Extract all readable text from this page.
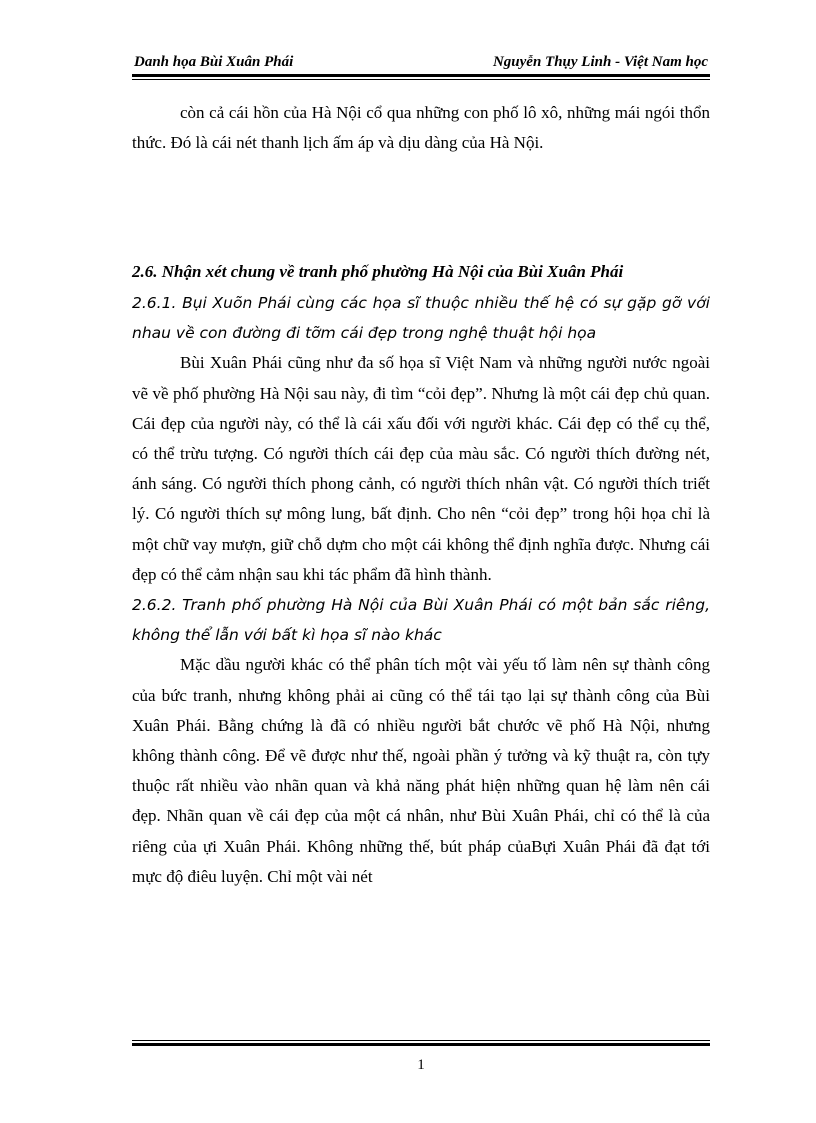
Danh họa Bùi Xuân Phái	Nguyễn Thụy Linh - Việt Nam học

còn cả cái hồn của Hà Nội cổ qua những con phố lô xô, những mái ngói thổn thức. Đó là cái nét thanh lịch ấm áp và dịu dàng của Hà Nội.

2.6. Nhận xét chung về tranh phố phường Hà Nội của Bùi Xuân Phái

2.6.1. Bụi Xuõn Phái cùng các họa sĩ thuộc nhiều thế hệ có sự gặp gỡ với nhau về con đường đi tỡm cái đẹp trong nghệ thuật hội họa

Bùi Xuân Phái cũng như đa số họa sĩ Việt Nam và những người nước ngoài vẽ về phố phường Hà Nội sau này, đi tìm “cỏi đẹp”. Nhưng là một cái đẹp chủ quan. Cái đẹp của người này, có thể là cái xấu đối với người khác. Cái đẹp có thể cụ thể, có thể trừu tượng. Có người thích cái đẹp của màu sắc. Có người thích đường nét, ánh sáng. Có người thích phong cảnh, có người thích nhân vật. Có người thích triết lý. Có người thích sự mông lung, bất định. Cho nên “cỏi đẹp” trong hội họa chỉ là một chữ vay mượn, giữ chỗ dựm cho một cái không thể định nghĩa được. Nhưng cái đẹp có thể cảm nhận sau khi tác phẩm đã hình thành.

2.6.2. Tranh phố phường Hà Nội của Bùi Xuân Phái có một bản sắc riêng, không thể lẫn với bất kì họa sĩ nào khác

Mặc dầu người khác có thể phân tích một vài yếu tố làm nên sự thành công của bức tranh, nhưng không phải ai cũng có thể tái tạo lại sự thành công của Bùi Xuân Phái. Bằng chứng là đã có nhiều người bắt chước vẽ phố Hà Nội, nhưng không thành công. Để vẽ được như thế, ngoài phần ý tưởng và kỹ thuật ra, còn tựy thuộc rất nhiều vào nhãn quan và khả năng phát hiện những quan hệ làm nên cái đẹp. Nhãn quan về cái đẹp của một cá nhân, như Bùi Xuân Phái, chỉ có thể là của riêng của ựi Xuân Phái. Không những thế, bút pháp củaBựi Xuân Phái đã đạt tới mực độ điêu luyện. Chỉ một vài nét

1
